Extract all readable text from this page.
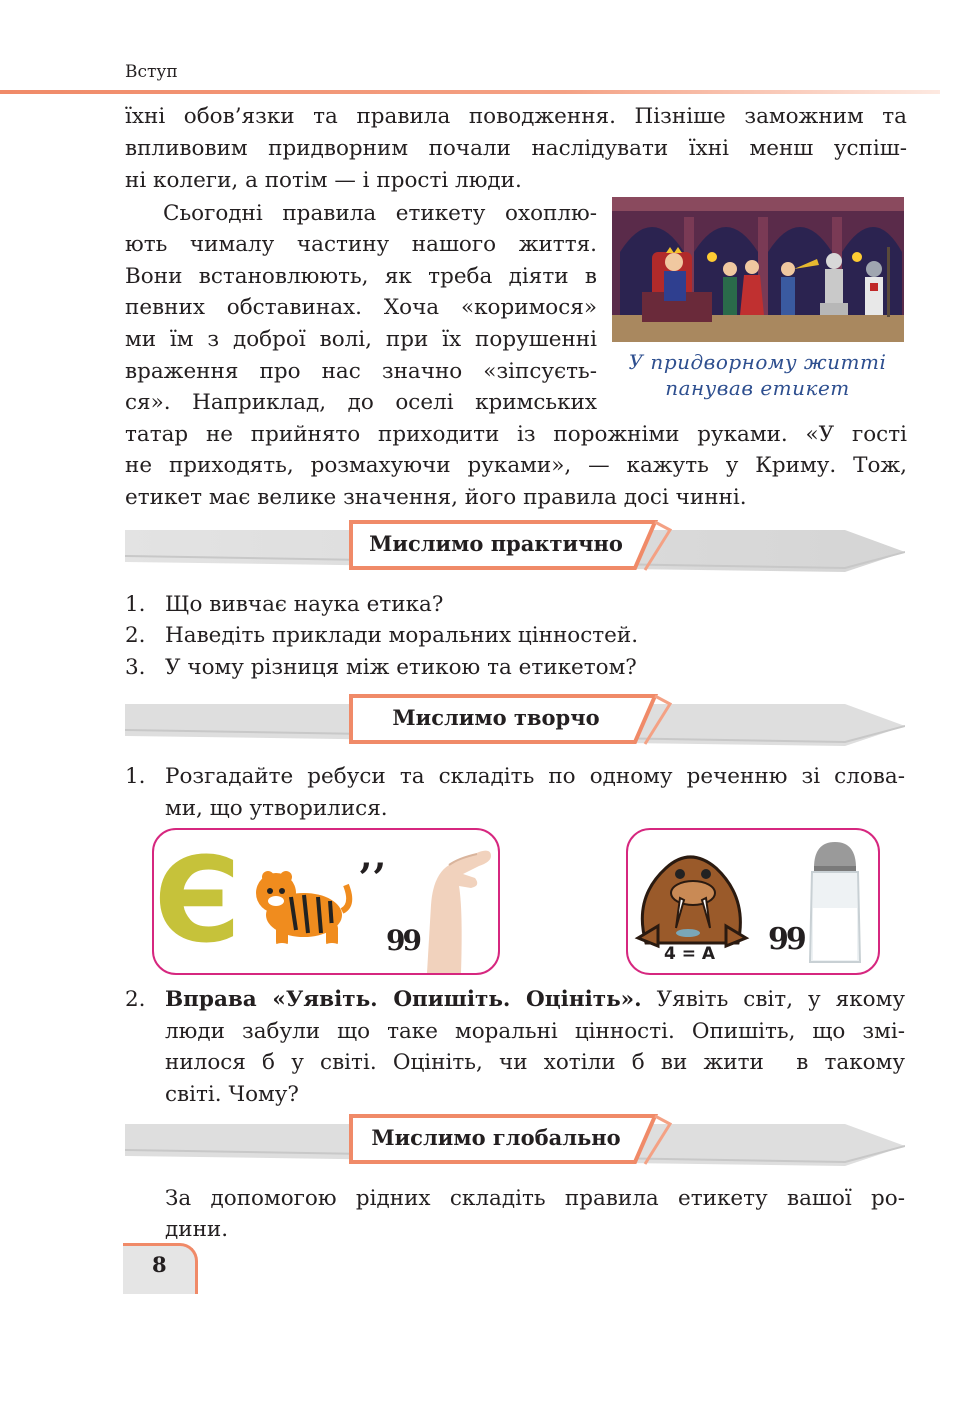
Вступ
їхні обов’язки та правила поводження. Пізніше заможним та
впливовим придворним почали наслідувати їхні менш успіш-
ні колеги, а потім — і прості люди.
Сьогодні правила етикету охоплю-
ють чималу частину нашого життя.
Вони встановлюють, як треба діяти в
певних обставинах. Хоча «коримося»
ми їм з доброї волі, при їх порушенні
враження про нас значно «зіпсуєть-
ся». Наприклад, до оселі кримських
татар не прийнято приходити із порожніми руками. «У гості
не приходять, розмахуючи руками», — кажуть у Криму. Тож,
етикет має велике значення, його правила досі чинні.
У придворному житті
панував етикет
Мислимо практично
1. Що вивчає наука етика?
2. Наведіть приклади моральних цінностей.
3. У чому різниця між етикою та етикетом?
Мислимо творчо
1. Розгадайте ребуси та складіть по одному реченню зі слова-
ми, що утворилися.
Є	‚‚
99	4 = А 99
2. Вправа «Уявіть. Опишіть. Оцініть». Уявіть світ, у якому
люди забули що таке моральні цінності. Опишіть, що змі-
нилося б у світі. Оцініть, чи хотіли б ви жити  в такому
світі. Чому?
Мислимо глобально
За допомогою рідних складіть правила етикету вашої ро-
дини.
8
